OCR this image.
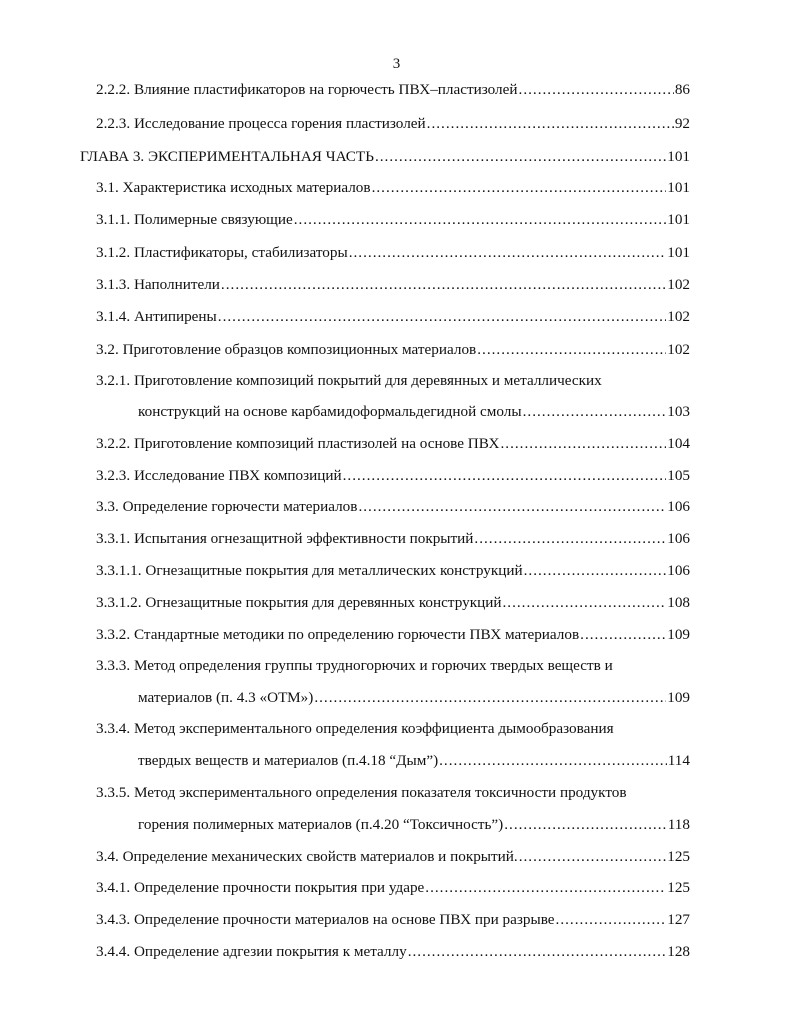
3
2.2.2. Влияние пластификаторов на горючесть ПВХ–пластизолей .....	86
2.2.3. Исследование процесса горения пластизолей .....	92
ГЛАВА 3. ЭКСПЕРИМЕНТАЛЬНАЯ ЧАСТЬ .....	101
3.1. Характеристика исходных материалов .....	101
3.1.1. Полимерные связующие .....	101
3.1.2. Пластификаторы, стабилизаторы .....	101
3.1.3. Наполнители .....	102
3.1.4. Антипирены .....	102
3.2. Приготовление образцов композиционных материалов .....	102
3.2.1. Приготовление композиций покрытий для деревянных и металлических
конструкций на основе карбамидоформальдегидной смолы .....	103
3.2.2. Приготовление композиций пластизолей на основе ПВХ .....	104
3.2.3. Исследование ПВХ композиций .....	105
3.3. Определение горючести материалов .....	106
3.3.1. Испытания огнезащитной эффективности покрытий .....	106
3.3.1.1. Огнезащитные покрытия для металлических конструкций .....	106
3.3.1.2. Огнезащитные покрытия для деревянных конструкций .....	108
3.3.2. Стандартные методики по определению горючести ПВХ материалов .....	109
3.3.3. Метод определения группы трудногорючих и горючих твердых веществ и
материалов (п. 4.3 «ОТМ») .....	109
3.3.4. Метод экспериментального определения коэффициента дымообразования
твердых веществ и материалов (п.4.18 “Дым”) .....	114
3.3.5. Метод экспериментального определения показателя токсичности продуктов
горения полимерных материалов (п.4.20 “Токсичность”) .....	118
3.4. Определение механических свойств материалов и покрытий. .....	125
3.4.1. Определение прочности покрытия при ударе .....	125
3.4.3. Определение прочности материалов на основе ПВХ при разрыве .....	127
3.4.4. Определение адгезии покрытия к металлу .....	128
